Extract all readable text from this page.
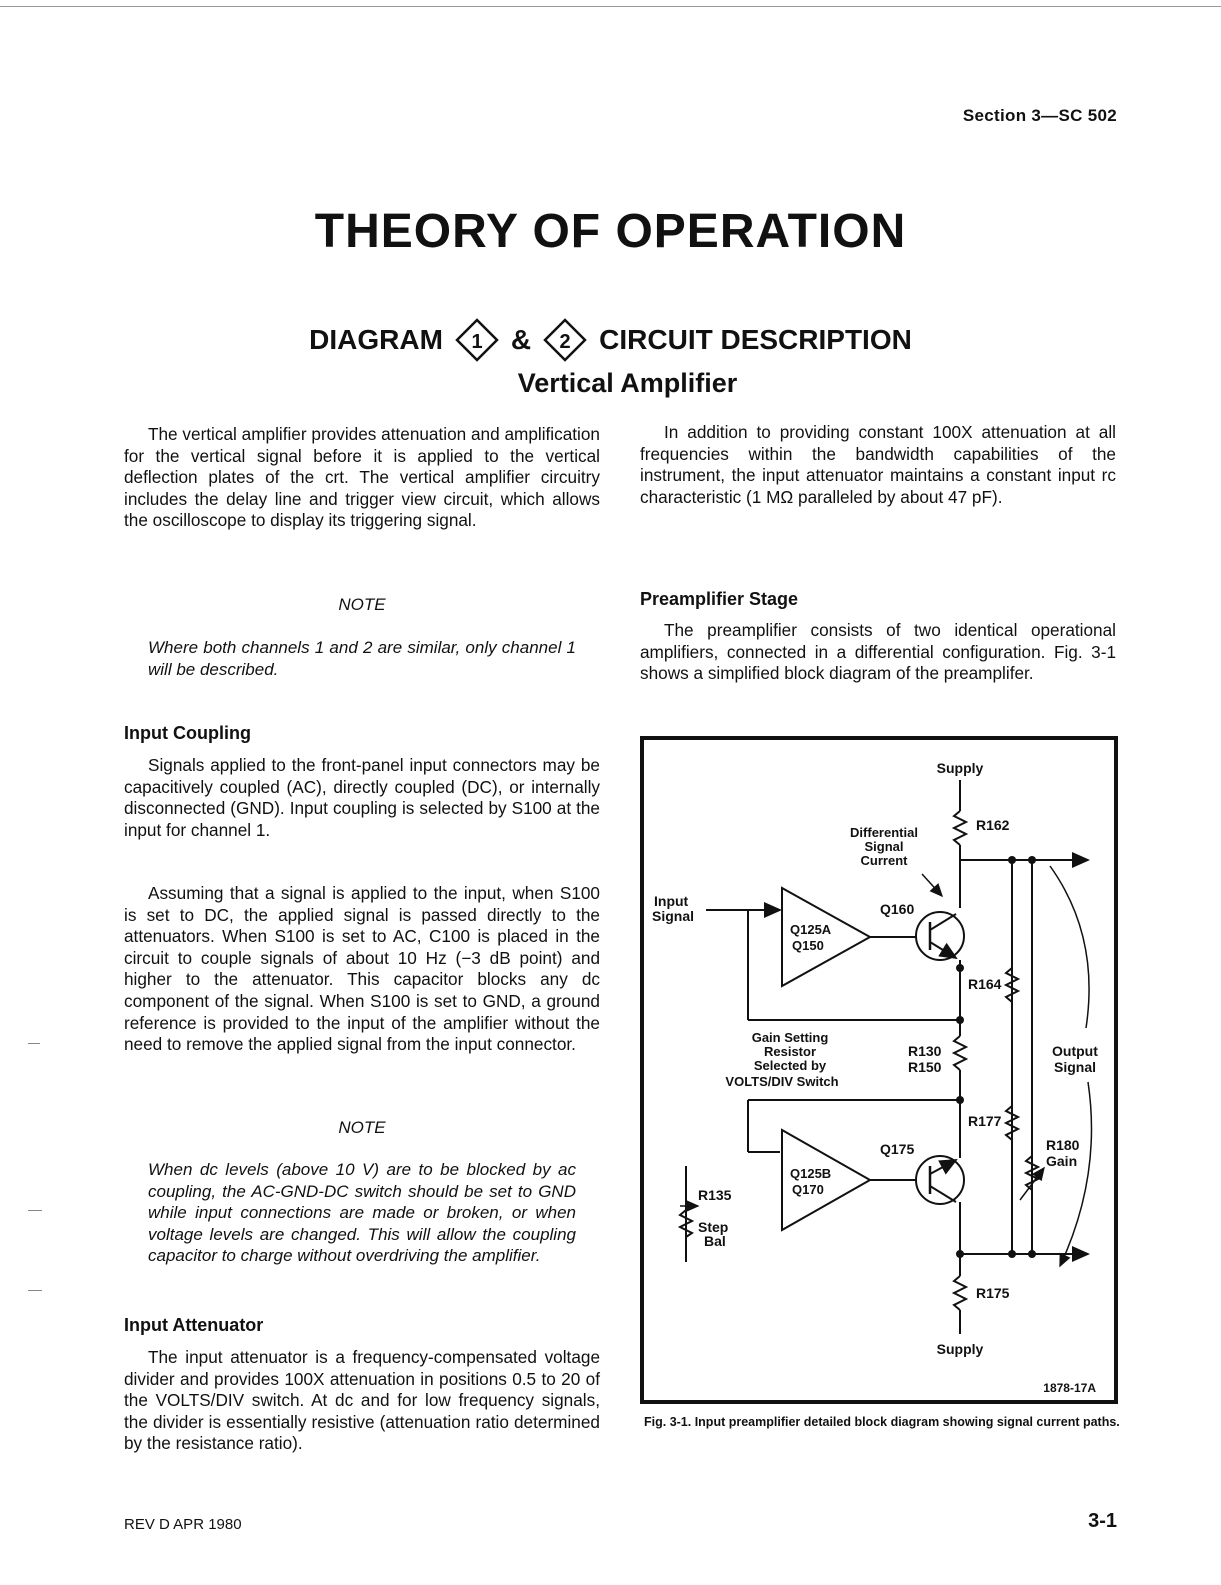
Section 3—SC 502
THEORY OF OPERATION
DIAGRAM 1 & 2 CIRCUIT DESCRIPTION
Vertical Amplifier

The vertical amplifier provides attenuation and amplification for the vertical signal before it is applied to the vertical deflection plates of the crt. The vertical amplifier circuitry includes the delay line and trigger view circuit, which allows the oscilloscope to display its triggering signal.

NOTE
Where both channels 1 and 2 are similar, only channel 1 will be described.
Input Coupling

Signals applied to the front-panel input connectors may be capacitively coupled (AC), directly coupled (DC), or internally disconnected (GND). Input coupling is selected by S100 at the input for channel 1.

Assuming that a signal is applied to the input, when S100 is set to DC, the applied signal is passed directly to the attenuators. When S100 is set to AC, C100 is placed in the circuit to couple signals of about 10 Hz (−3 dB point) and higher to the attenuator. This capacitor blocks any dc component of the signal. When S100 is set to GND, a ground reference is provided to the input of the amplifier without the need to remove the applied signal from the input connector.

NOTE
When dc levels (above 10 V) are to be blocked by ac coupling, the AC-GND-DC switch should be set to GND while input connections are made or broken, or when voltage levels are changed. This will allow the coupling capacitor to charge without overdriving the amplifier.
Input Attenuator

The input attenuator is a frequency-compensated voltage divider and provides 100X attenuation in positions 0.5 to 20 of the VOLTS/DIV switch. At dc and for low frequency signals, the divider is essentially resistive (attenuation ratio determined by the resistance ratio).

In addition to providing constant 100X attenuation at all frequencies within the bandwidth capabilities of the instrument, the input attenuator maintains a constant input rc characteristic (1 MΩ paralleled by about 47 pF).

Preamplifier Stage

The preamplifier consists of two identical operational amplifiers, connected in a differential configuration. Fig. 3-1 shows a simplified block diagram of the preamplifer.

Supply
R162
Differential
Signal
Current
Q160
Input
Signal
Q125A
Q150
R164
Gain Setting
Resistor
Selected by
VOLTS/DIV Switch
R130
R150
Output
Signal
R177
R180
Gain
Q125B
Q170
Q175
R135
Step
Bal
R175
Supply
1878-17A
Fig. 3-1. Input preamplifier detailed block diagram showing signal current paths.
REV D APR 1980	3-1
